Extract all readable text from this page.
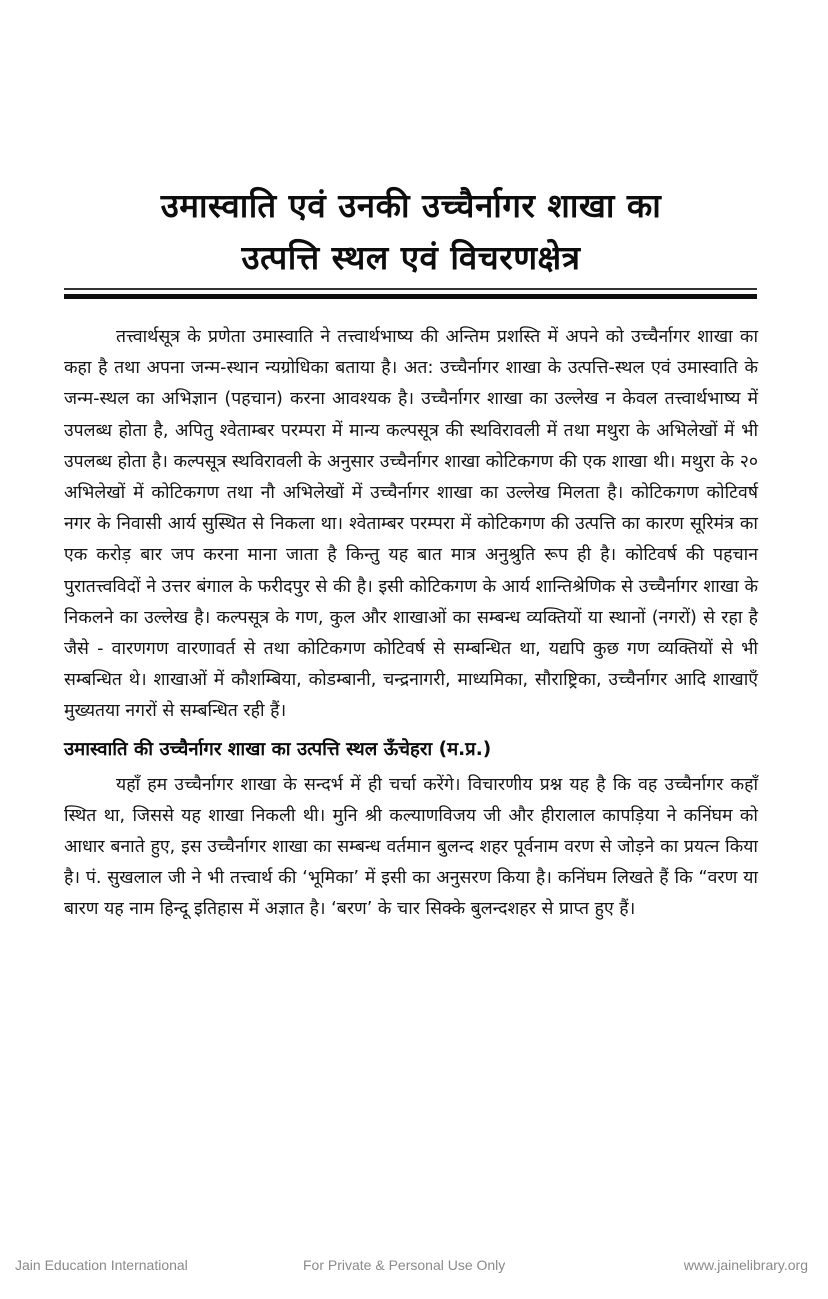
उमास्वाति एवं उनकी उच्चैर्नागर शाखा का
उत्पत्ति स्थल एवं विचरणक्षेत्र

तत्त्वार्थसूत्र के प्रणेता उमास्वाति ने तत्त्वार्थभाष्य की अन्तिम प्रशस्ति में अपने को उच्चैर्नागर शाखा का कहा है तथा अपना जन्म-स्थान न्यग्रोधिका बताया है। अत: उच्चैर्नागर शाखा के उत्पत्ति-स्थल एवं उमास्वाति के जन्म-स्थल का अभिज्ञान (पहचान) करना आवश्यक है। उच्चैर्नागर शाखा का उल्लेख न केवल तत्त्वार्थभाष्य में उपलब्ध होता है, अपितु श्वेताम्बर परम्परा में मान्य कल्पसूत्र की स्थविरावली में तथा मथुरा के अभिलेखों में भी उपलब्ध होता है। कल्पसूत्र स्थविरावली के अनुसार उच्चैर्नागर शाखा कोटिकगण की एक शाखा थी। मथुरा के २० अभिलेखों में कोटिकगण तथा नौ अभिलेखों में उच्चैर्नागर शाखा का उल्लेख मिलता है। कोटिकगण कोटिवर्ष नगर के निवासी आर्य सुस्थित से निकला था। श्वेताम्बर परम्परा में कोटिकगण की उत्पत्ति का कारण सूरिमंत्र का एक करोड़ बार जप करना माना जाता है किन्तु यह बात मात्र अनुश्रुति रूप ही है। कोटिवर्ष की पहचान पुरातत्त्वविदों ने उत्तर बंगाल के फरीदपुर से की है। इसी कोटिकगण के आर्य शान्तिश्रेणिक से उच्चैर्नागर शाखा के निकलने का उल्लेख है। कल्पसूत्र के गण, कुल और शाखाओं का सम्बन्ध व्यक्तियों या स्थानों (नगरों) से रहा है जैसे - वारणगण वारणावर्त से तथा कोटिकगण कोटिवर्ष से सम्बन्धित था, यद्यपि कुछ गण व्यक्तियों से भी सम्बन्धित थे। शाखाओं में कौशम्बिया, कोडम्बानी, चन्द्रनागरी, माध्यमिका, सौराष्ट्रिका, उच्चैर्नागर आदि शाखाएँ मुख्यतया नगरों से सम्बन्धित रही हैं।

उमास्वाति की उच्चैर्नागर शाखा का उत्पत्ति स्थल ऊँचेहरा (म.प्र.)

यहाँ हम उच्चैर्नागर शाखा के सन्दर्भ में ही चर्चा करेंगे। विचारणीय प्रश्न यह है कि वह उच्चैर्नागर कहाँ स्थित था, जिससे यह शाखा निकली थी। मुनि श्री कल्याणविजय जी और हीरालाल कापड़िया ने कनिंघम को आधार बनाते हुए, इस उच्चैर्नागर शाखा का सम्बन्ध वर्तमान बुलन्द शहर पूर्वनाम वरण से जोड़ने का प्रयत्न किया है। पं. सुखलाल जी ने भी तत्त्वार्थ की ‘भूमिका’ में इसी का अनुसरण किया है। कनिंघम लिखते हैं कि “वरण या बारण यह नाम हिन्दू इतिहास में अज्ञात है। ‘बरण’ के चार सिक्के बुलन्दशहर से प्राप्त हुए हैं।

Jain Education International	For Private & Personal Use Only	www.jainelibrary.org
